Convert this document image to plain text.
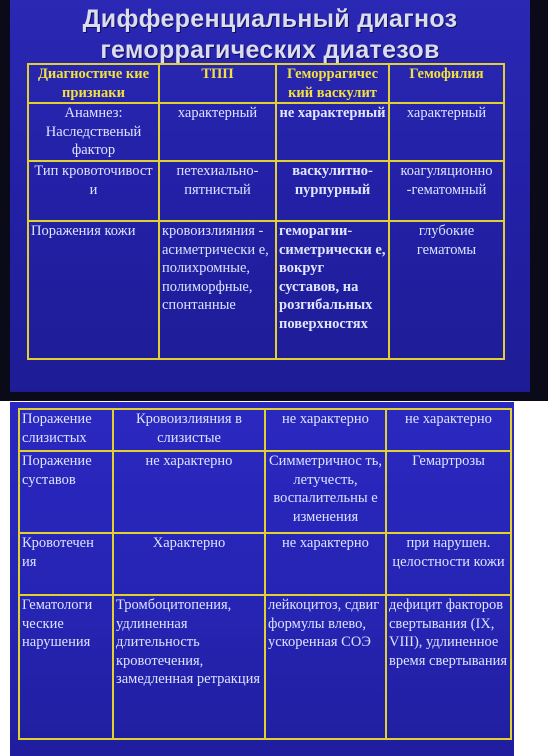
Дифференциальный диагноз
геморрагических диатезов
Диагностиче кие признаки	ТПП	Геморрагичес кий васкулит	Гемофилия
Анамнез: Наследственый фактор	характерный	не характерный	характерный
Тип кровоточивост и	петехиально-пятнистый	васкулитно-пурпурный	коагуляционно -гематомный
Поражения кожи	кровоизлияния - асиметрически е, полихромные, полиморфные, спонтанные	геморагии-симетрически е, вокруг суставов, на розгибальных поверхностях	глубокие гематомы
Поражение слизистых	Кровоизлияния в слизистые	не характерно	не характерно
Поражение суставов	не характерно	Симметричнос ть, летучесть, воспалительны е изменения	Гемартрозы
Кровотечен ия	Характерно	не характерно	при нарушен. целостности кожи
Гематологи ческие нарушения	Тромбоцитопения, удлиненная длительность кровотечения, замедленная ретракция	лейкоцитоз, сдвиг формулы влево, ускоренная СОЭ	дефицит факторов свертывания (IX, VIII), удлиненное время свертывания
